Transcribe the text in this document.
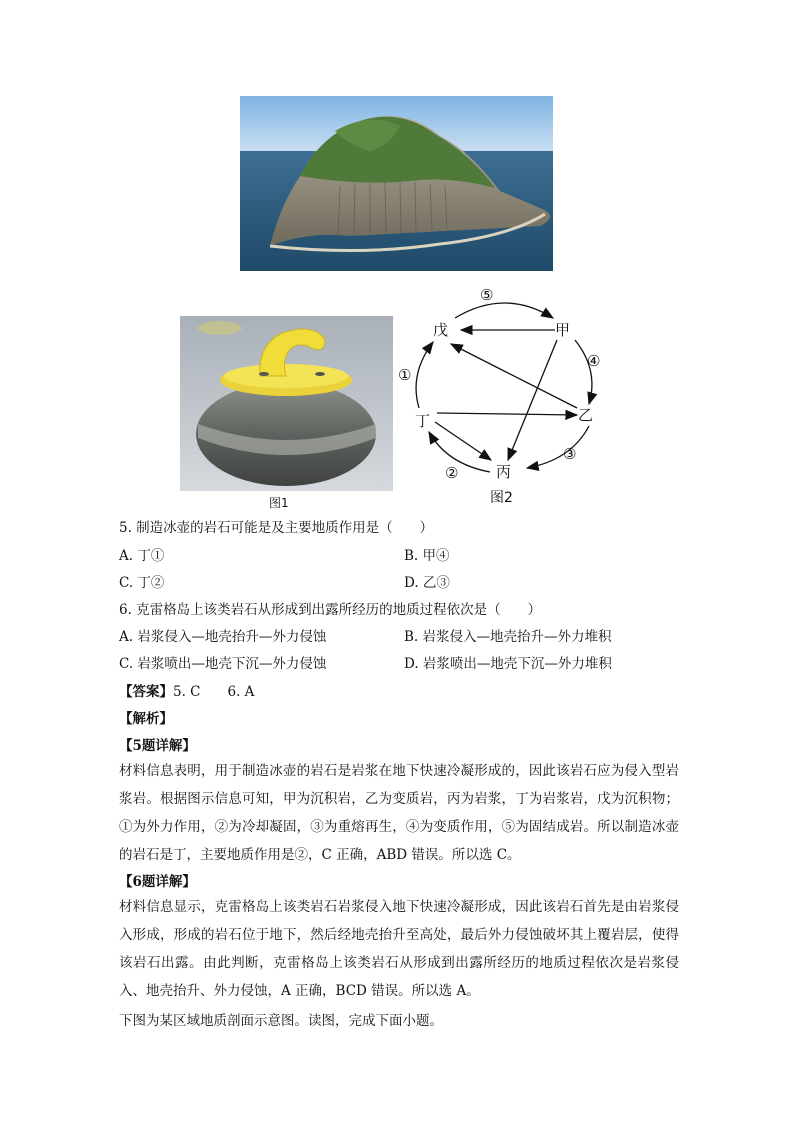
图1
戊	甲
乙
丙
丁
⑤
④
③
②
①
图2
5. 制造冰壶的岩石可能是及主要地质作用是（　　）
A. 丁①	B. 甲④
C. 丁②	D. 乙③
6. 克雷格岛上该类岩石从形成到出露所经历的地质过程依次是（　　）
A. 岩浆侵入—地壳抬升—外力侵蚀	B. 岩浆侵入—地壳抬升—外力堆积
C. 岩浆喷出—地壳下沉—外力侵蚀	D. 岩浆喷出—地壳下沉—外力堆积
【答案】5. C　　6. A
【解析】
【5题详解】
材料信息表明，用于制造冰壶的岩石是岩浆在地下快速冷凝形成的，因此该岩石应为侵入型岩浆岩。根据图示信息可知，甲为沉积岩，乙为变质岩，丙为岩浆，丁为岩浆岩，戊为沉积物；①为外力作用，②为冷却凝固，③为重熔再生，④为变质作用，⑤为固结成岩。所以制造冰壶的岩石是丁，主要地质作用是②，C 正确，ABD 错误。所以选 C。
【6题详解】
材料信息显示，克雷格岛上该类岩石岩浆侵入地下快速冷凝形成，因此该岩石首先是由岩浆侵入形成，形成的岩石位于地下，然后经地壳抬升至高处，最后外力侵蚀破坏其上覆岩层，使得该岩石出露。由此判断，克雷格岛上该类岩石从形成到出露所经历的地质过程依次是岩浆侵入、地壳抬升、外力侵蚀，A 正确，BCD 错误。所以选 A。
下图为某区域地质剖面示意图。读图，完成下面小题。
